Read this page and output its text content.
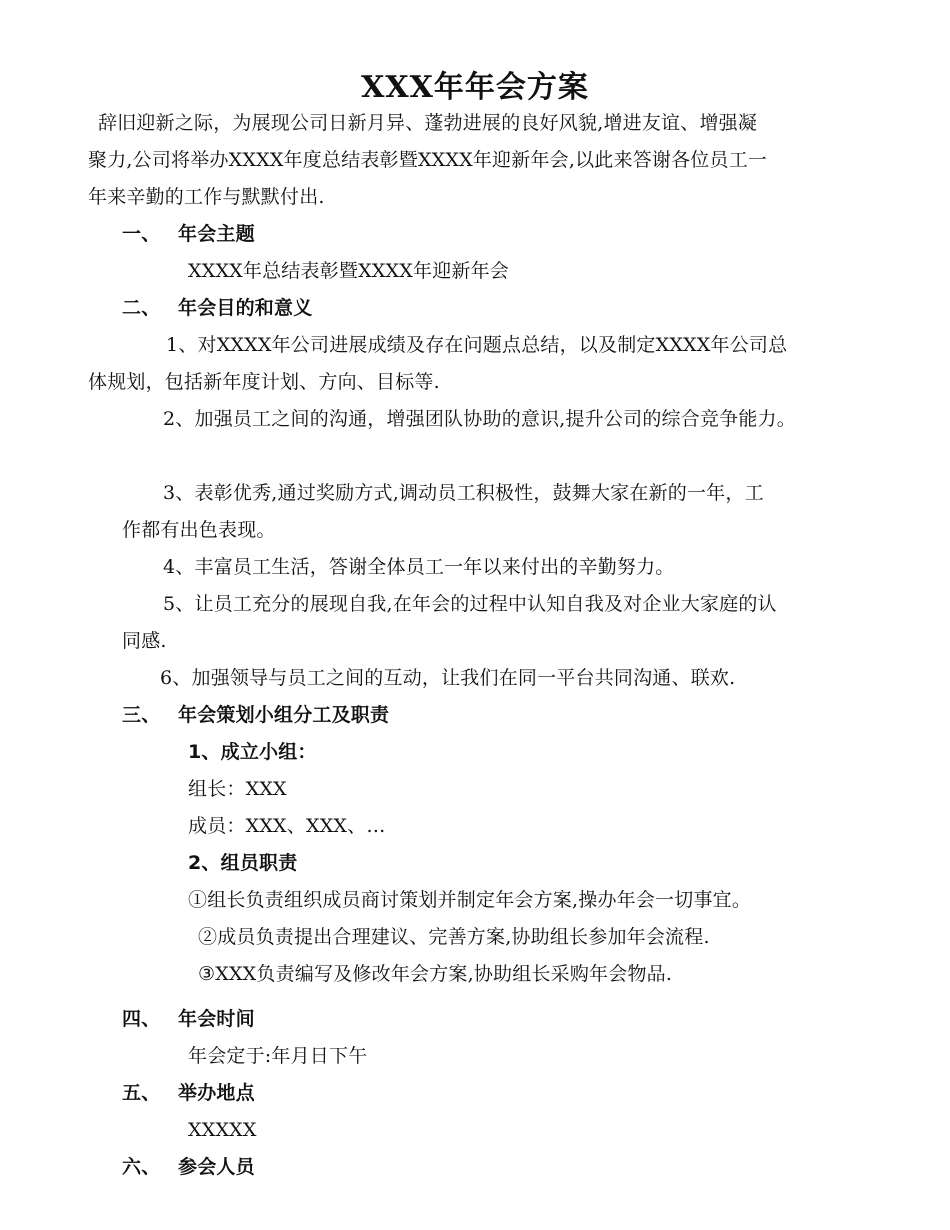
XXX年年会方案
辞旧迎新之际，为展现公司日新月异、蓬勃进展的良好风貌,增进友谊、增强凝
聚力,公司将举办XXXX年度总结表彰暨XXXX年迎新年会,以此来答谢各位员工一
年来辛勤的工作与默默付出.
一、 年会主题
XXXX年总结表彰暨XXXX年迎新年会
二、 年会目的和意义
1、对XXXX年公司进展成绩及存在问题点总结，以及制定XXXX年公司总
体规划，包括新年度计划、方向、目标等.
2、加强员工之间的沟通，增强团队协助的意识,提升公司的综合竞争能力。
3、表彰优秀,通过奖励方式,调动员工积极性，鼓舞大家在新的一年，工
作都有出色表现。
4、丰富员工生活，答谢全体员工一年以来付出的辛勤努力。
5、让员工充分的展现自我,在年会的过程中认知自我及对企业大家庭的认
同感.
6、加强领导与员工之间的互动，让我们在同一平台共同沟通、联欢.
三、 年会策划小组分工及职责
1、成立小组：
组长：XXX
成员：XXX、XXX、…
2、组员职责
①组长负责组织成员商讨策划并制定年会方案,操办年会一切事宜。
②成员负责提出合理建议、完善方案,协助组长参加年会流程.
③XXX负责编写及修改年会方案,协助组长采购年会物品.
四、 年会时间
年会定于:年月日下午
五、 举办地点
XXXXX
六、 参会人员
